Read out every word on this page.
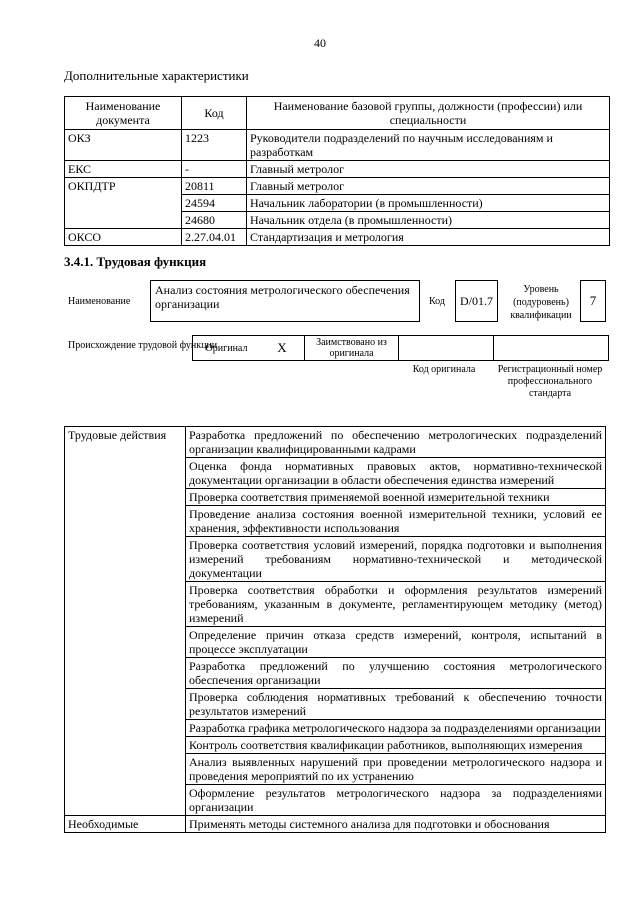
40
Дополнительные характеристики
Наименование документа	Код	Наименование базовой группы, должности (профессии) или специальности
ОКЗ	1223	Руководители подразделений по научным исследованиям и разработкам
ЕКС	-	Главный метролог
ОКПДТР	20811	Главный метролог
	24594	Начальник лаборатории (в промышленности)
	24680	Начальник отдела (в промышленности)
ОКСО	2.27.04.01	Стандартизация и метрология
3.4.1. Трудовая функция
Наименование
Анализ состояния метрологического обеспечения организации	Код	D/01.7
Уровень (подуровень) квалификации
7
Происхождение трудовой функции
Оригинал	X	Заимствовано из оригинала		
Код оригинала	Регистрационный номер профессионального стандарта
Трудовые действия	Разработка предложений по обеспечению метрологических подразделений организации квалифицированными кадрами
	Оценка фонда нормативных правовых актов, нормативно-технической документации организации в области обеспечения единства измерений
	Проверка соответствия применяемой военной измерительной техники
	Проведение анализа состояния военной измерительной техники, условий ее хранения, эффективности использования
	Проверка соответствия условий измерений, порядка подготовки и выполнения измерений требованиям нормативно-технической и методической документации
	Проверка соответствия обработки и оформления результатов измерений требованиям, указанным в документе, регламентирующем методику (метод) измерений
	Определение причин отказа средств измерений, контроля, испытаний в процессе эксплуатации
	Разработка предложений по улучшению состояния метрологического обеспечения организации
	Проверка соблюдения нормативных требований к обеспечению точности результатов измерений
	Разработка графика метрологического надзора за подразделениями организации
	Контроль соответствия квалификации работников, выполняющих измерения
	Анализ выявленных нарушений при проведении метрологического надзора и проведения мероприятий по их устранению
	Оформление результатов метрологического надзора за подразделениями организации
Необходимые	Применять методы системного анализа для подготовки и обоснования
